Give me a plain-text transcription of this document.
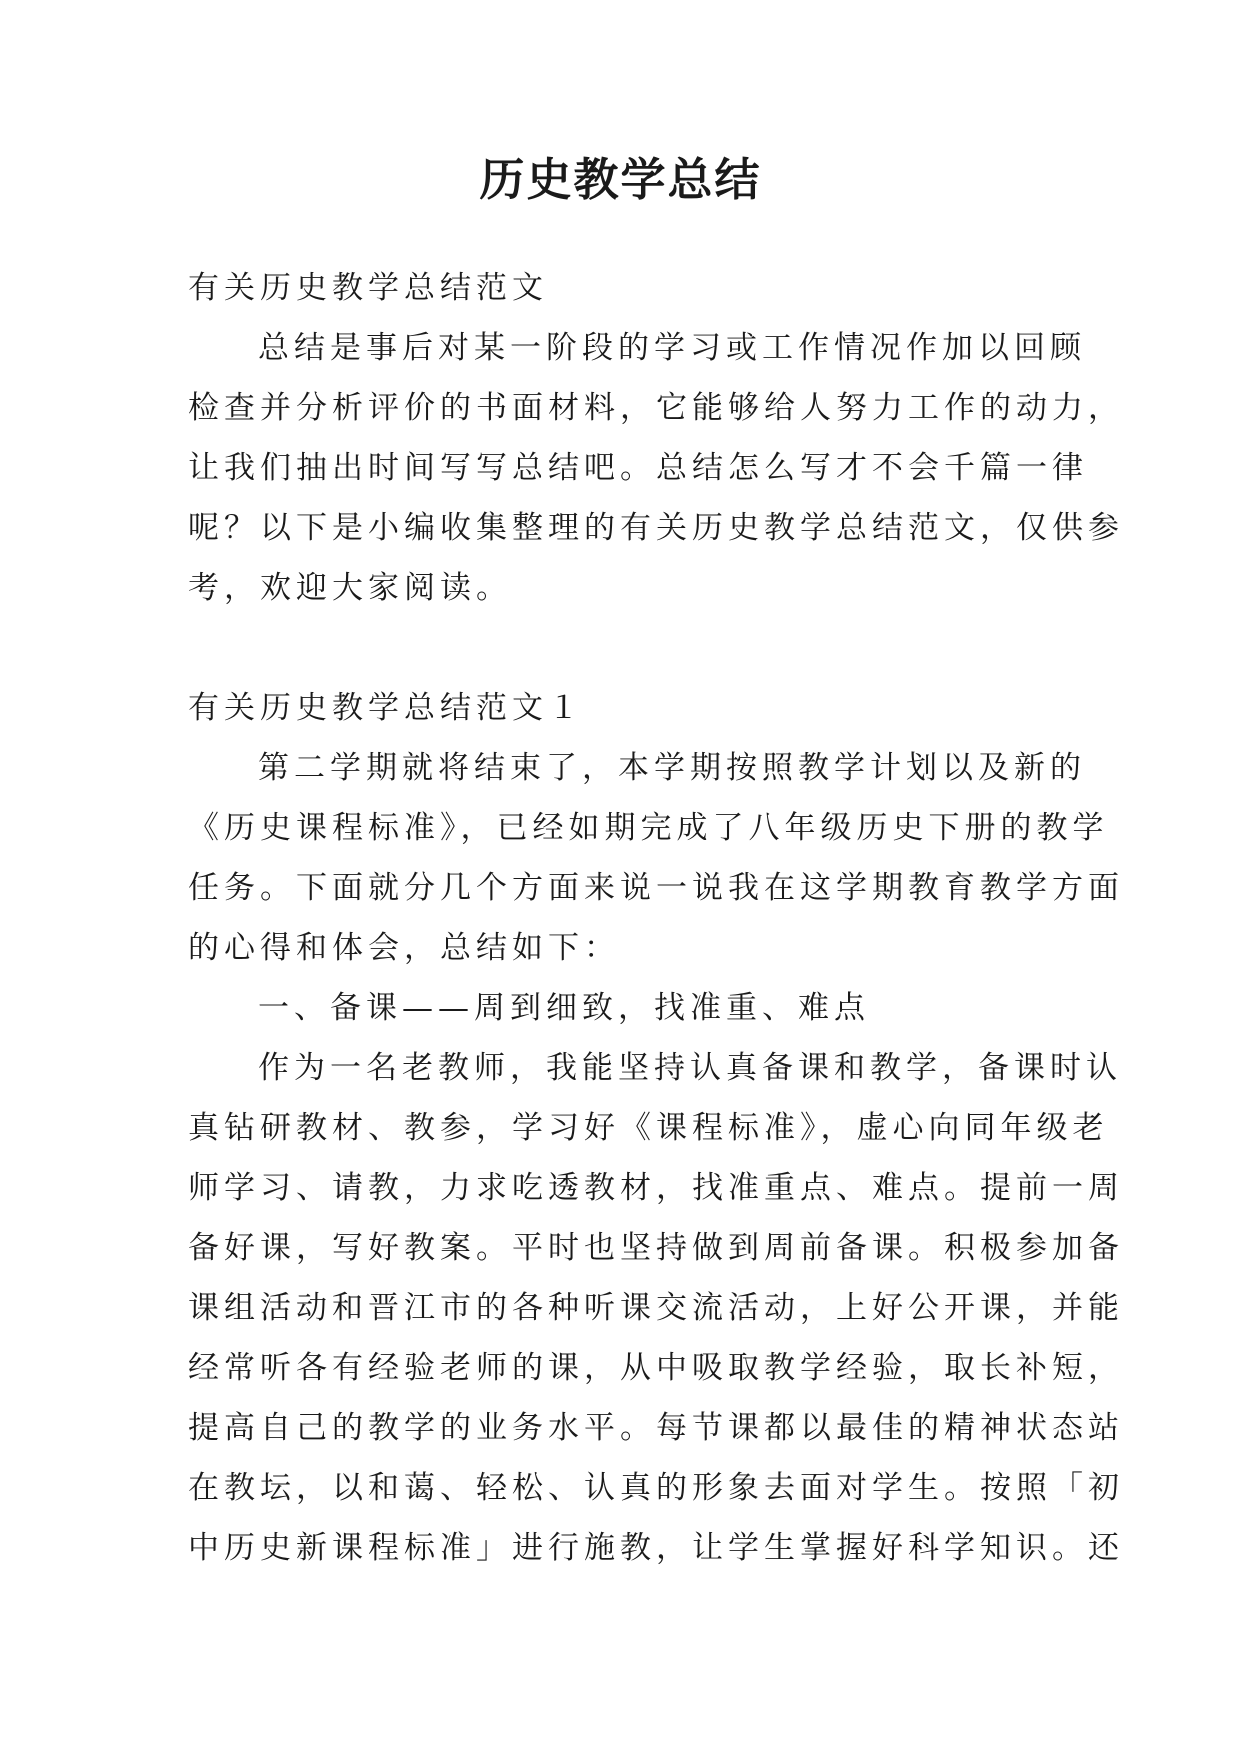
历史教学总结
有关历史教学总结范文
总结是事后对某一阶段的学习或工作情况作加以回顾
检查并分析评价的书面材料，它能够给人努力工作的动力，
让我们抽出时间写写总结吧。总结怎么写才不会千篇一律
呢？以下是小编收集整理的有关历史教学总结范文，仅供参
考，欢迎大家阅读。
有关历史教学总结范文１
第二学期就将结束了，本学期按照教学计划以及新的
《历史课程标准》，已经如期完成了八年级历史下册的教学
任务。下面就分几个方面来说一说我在这学期教育教学方面
的心得和体会，总结如下：
一、备课——周到细致，找准重、难点
作为一名老教师，我能坚持认真备课和教学，备课时认
真钻研教材、教参，学习好《课程标准》，虚心向同年级老
师学习、请教，力求吃透教材，找准重点、难点。提前一周
备好课，写好教案。平时也坚持做到周前备课。积极参加备
课组活动和晋江市的各种听课交流活动，上好公开课，并能
经常听各有经验老师的课，从中吸取教学经验，取长补短，
提高自己的教学的业务水平。每节课都以最佳的精神状态站
在教坛，以和蔼、轻松、认真的形象去面对学生。按照「初
中历史新课程标准」进行施教，让学生掌握好科学知识。还
